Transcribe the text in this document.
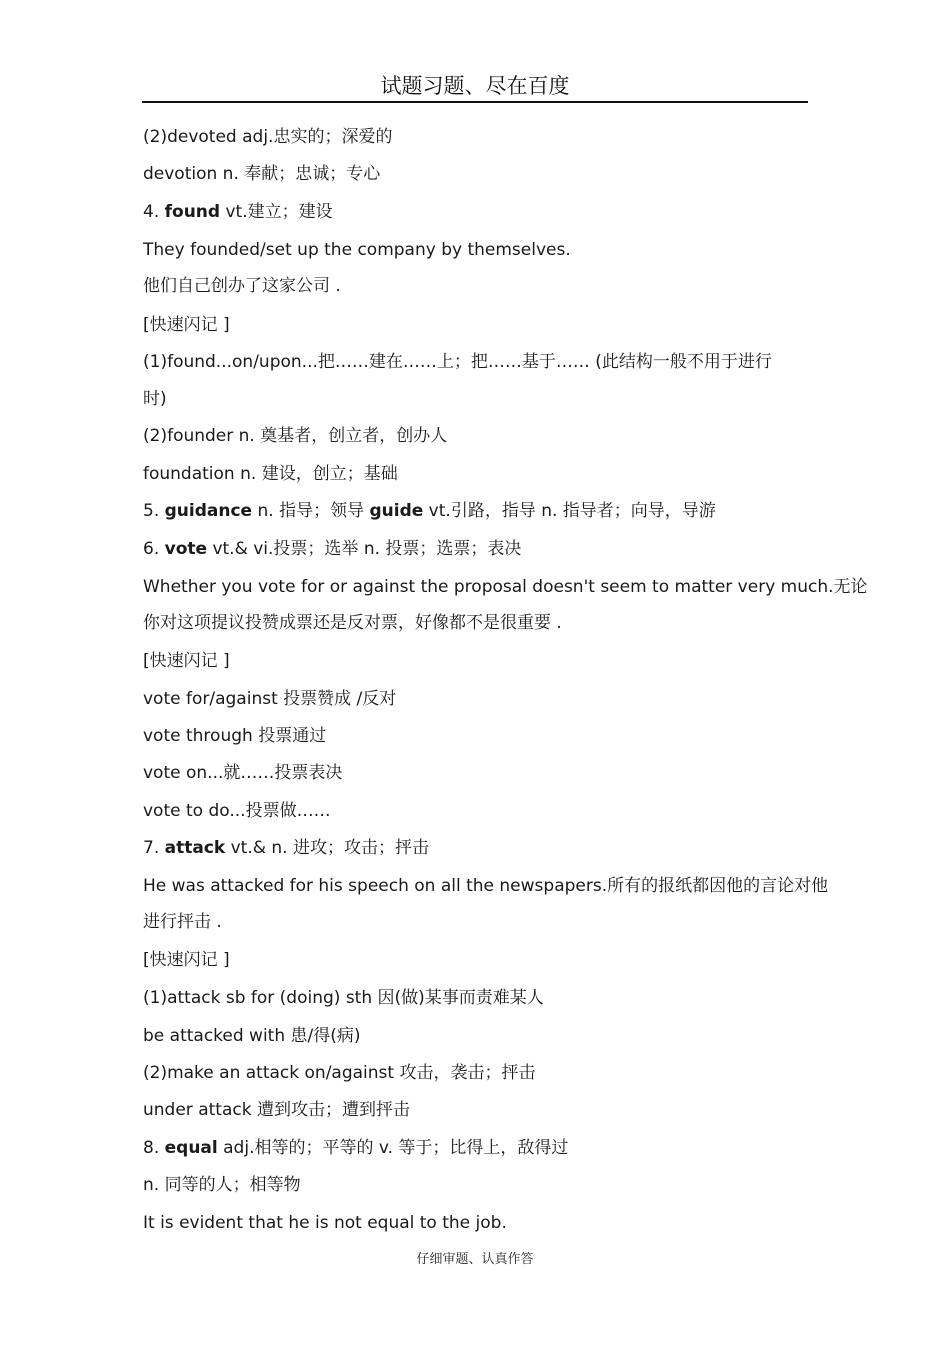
试题习题、尽在百度
(2)devoted adj.忠实的；深爱的
devotion n. 奉献；忠诚；专心
4. found vt.建立；建设
They founded/set up the company by themselves.
他们自己创办了这家公司 .
[快速闪记 ]
(1)found...on/upon...把……建在……上；把……基于…… (此结构一般不用于进行
时)
(2)founder n. 奠基者，创立者，创办人
foundation n. 建设，创立；基础
5. guidance n. 指导；领导 guide vt.引路，指导 n. 指导者；向导，导游
6. vote vt.& vi.投票；选举 n. 投票；选票；表决
Whether you vote for or against the proposal doesn't seem to matter very much.无论
你对这项提议投赞成票还是反对票，好像都不是很重要 .
[快速闪记 ]
vote for/against 投票赞成 /反对
vote through 投票通过
vote on...就……投票表决
vote to do...投票做……
7. attack vt.& n. 进攻；攻击；抨击
He was attacked for his speech on all the newspapers.所有的报纸都因他的言论对他
进行抨击 .
[快速闪记 ]
(1)attack sb for (doing) sth 因(做)某事而责难某人
be attacked with 患/得(病)
(2)make an attack on/against 攻击，袭击；抨击
under attack 遭到攻击；遭到抨击
8. equal adj.相等的；平等的 v. 等于；比得上，敌得过
n. 同等的人；相等物
It is evident that he is not equal to the job.
仔细审题、认真作答
